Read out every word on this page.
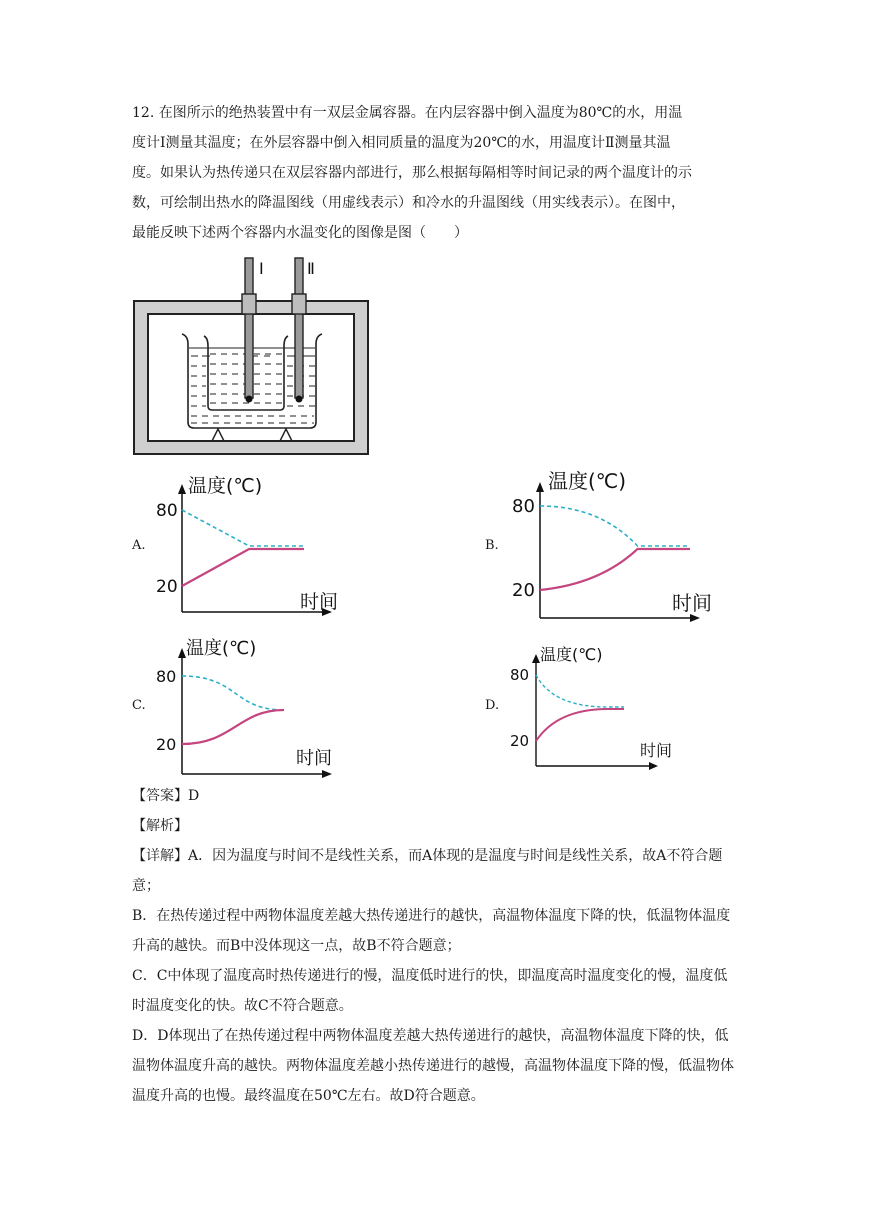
12. 在图所示的绝热装置中有一双层金属容器。在内层容器中倒入温度为80℃的水，用温
度计Ⅰ测量其温度；在外层容器中倒入相同质量的温度为20℃的水，用温度计Ⅱ测量其温
度。如果认为热传递只在双层容器内部进行，那么根据每隔相等时间记录的两个温度计的示
数，可绘制出热水的降温图线（用虚线表示）和冷水的升温图线（用实线表示）。在图中，
最能反映下述两个容器内水温变化的图像是图（　　）
Ⅰ	Ⅱ
A.	B.
C.	D.
温度(℃)
时间
80
20
温度(℃)
时间
80
20
温度(℃)
时间
80
20
温度(℃)
时间
80
20
【答案】D
【解析】
【详解】A．因为温度与时间不是线性关系，而A体现的是温度与时间是线性关系，故A不符合题意；
B．在热传递过程中两物体温度差越大热传递进行的越快，高温物体温度下降的快，低温物体温度升高的越快。而B中没体现这一点，故B不符合题意；
C．C中体现了温度高时热传递进行的慢，温度低时进行的快，即温度高时温度变化的慢，温度低时温度变化的快。故C不符合题意。
D．D体现出了在热传递过程中两物体温度差越大热传递进行的越快，高温物体温度下降的快，低温物体温度升高的越快。两物体温度差越小热传递进行的越慢，高温物体温度下降的慢，低温物体温度升高的也慢。最终温度在50℃左右。故D符合题意。
